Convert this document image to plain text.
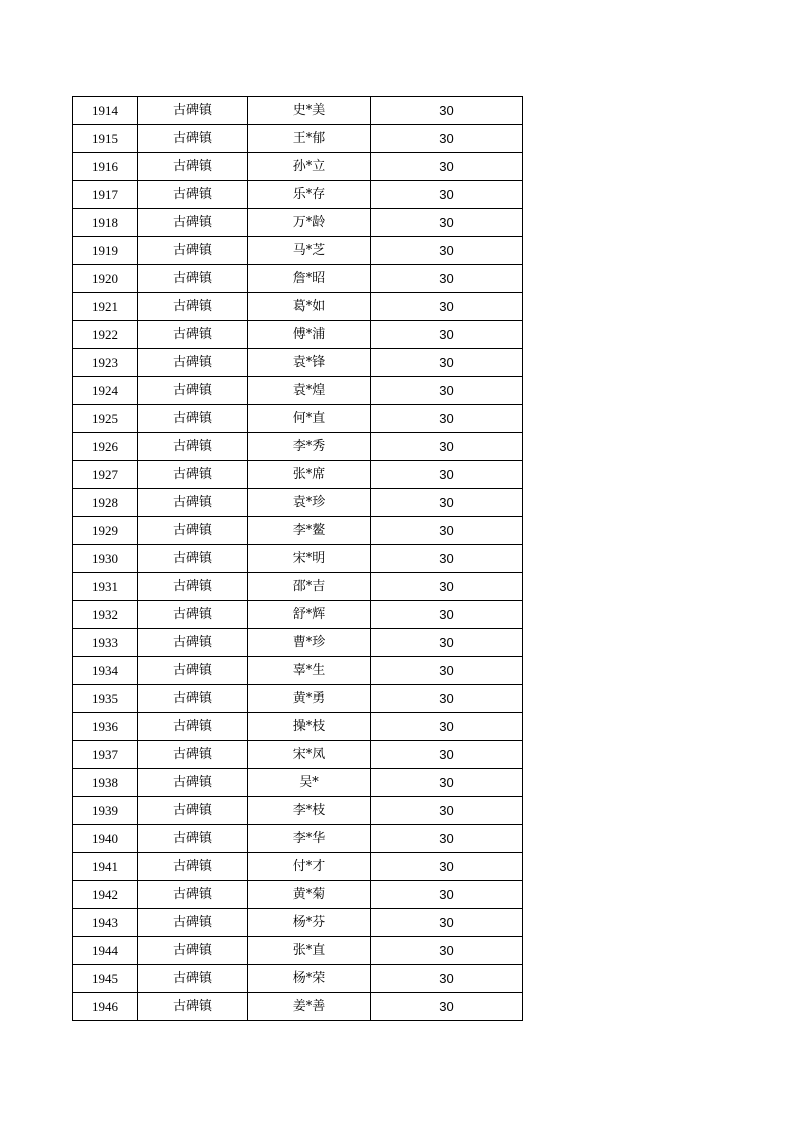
1914	古碑镇	史*美	30
1915	古碑镇	王*郁	30
1916	古碑镇	孙*立	30
1917	古碑镇	乐*存	30
1918	古碑镇	万*龄	30
1919	古碑镇	马*芝	30
1920	古碑镇	詹*昭	30
1921	古碑镇	葛*如	30
1922	古碑镇	傅*浦	30
1923	古碑镇	袁*锋	30
1924	古碑镇	袁*煌	30
1925	古碑镇	何*直	30
1926	古碑镇	李*秀	30
1927	古碑镇	张*席	30
1928	古碑镇	袁*珍	30
1929	古碑镇	李*鳌	30
1930	古碑镇	宋*明	30
1931	古碑镇	邵*吉	30
1932	古碑镇	舒*辉	30
1933	古碑镇	曹*珍	30
1934	古碑镇	辜*生	30
1935	古碑镇	黄*勇	30
1936	古碑镇	操*枝	30
1937	古碑镇	宋*凤	30
1938	古碑镇	吴*	30
1939	古碑镇	李*枝	30
1940	古碑镇	李*华	30
1941	古碑镇	付*才	30
1942	古碑镇	黄*菊	30
1943	古碑镇	杨*芬	30
1944	古碑镇	张*直	30
1945	古碑镇	杨*荣	30
1946	古碑镇	姜*善	30
